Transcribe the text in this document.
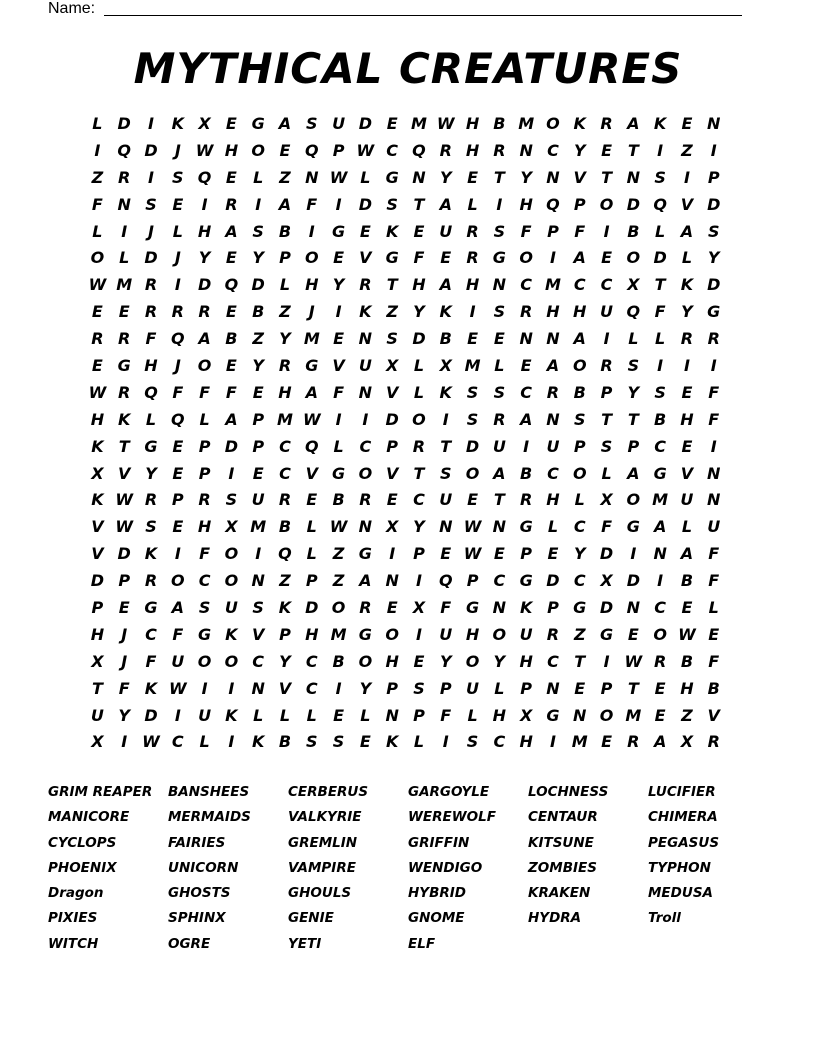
Name:
MYTHICAL CREATURES
L D	I	K X E G A S U D E M W H B M O K R A K E N
I	Q D	J W H O E Q P W C Q R H R N C Y E T	I	Z	I
Z R	I	S Q E	L Z N W L G N Y E T Y N V T N S	I	P
F N S E	I	R	I	A F	I	D S T A L	I	H Q P O D Q V D
L	I	J	L H A S B	I	G E K E U R S F P F	I	B L A S
O L D	J	Y E Y P O E V G F E R G O	I	A E O D L Y
W M R	I	D Q D L H Y R T H A H N C M C C X T K D
E E R R R E B Z	J	I	K Z Y K	I	S R H H U Q F Y G
R R F Q A B Z Y M E N S D B E E N N A	I	L	L R R
E G H	J	O E Y R G V U X L X M L	E A O R S	I	I	I
W R Q F F F E H A F N V L K S S C R B P Y S E F
H K L Q L A P M W I	I	D O	I	S R A N S T T B H F
K T G E P D P C Q L C P R T D U	I	U P S P C E	I
X V Y E P	I	E C V G O V T S O A B C O L A G V N
K W R P R S U R E B R E C U E T R H L X O M U N
V W S E H X M B L W N X Y N W N G L C F G A L U
V D K	I	F O	I	Q L Z G	I	P E W E P E Y D	I	N A F
D P R O C O N Z P Z A N	I	Q P C G D C X D	I	B F
P E G A S U S K D O R E X F G N K P G D N C E	L
H	J	C F G K V P H M G O	I	U H O U R Z G E O W E
X	J	F U O O C Y C B O H E Y O Y H C T	I W R B F
T F K W I	I	N V C	I	Y P S P U L P N E P T E H B
U Y D	I	U K L	L	L	E	L N P F	L H X G N O M E Z V
X	I W C L	I	K B S S E K L	I	S C H	I M E R A X R
GRIM REAPER	BANSHEES	CERBERUS	GARGOYLE	LOCHNESS	LUCIFIER
MANICORE	MERMAIDS	VALKYRIE	WEREWOLF	CENTAUR	CHIMERA
CYCLOPS	FAIRIES	GREMLIN	GRIFFIN	KITSUNE	PEGASUS
PHOENIX	UNICORN	VAMPIRE	WENDIGO	ZOMBIES	TYPHON
Dragon	GHOSTS	GHOULS	HYBRID	KRAKEN	MEDUSA
PIXIES	SPHINX	GENIE	GNOME	HYDRA	Troll
WITCH	OGRE	YETI	ELF
